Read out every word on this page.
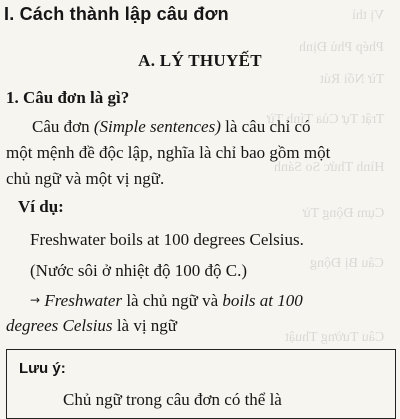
Vị thì
Phép Phủ Định
Từ Nối Rút
Trật Tự Của Tính Từ
Hình Thức So Sánh
Cụm Động Từ
Câu Bị Động
Câu Tường Thuật
I. Cách thành lập câu đơn
A. LÝ THUYẾT
1. Câu đơn là gì?
Câu đơn (Simple sentences) là câu chỉ có
một mệnh đề độc lập, nghĩa là chỉ bao gồm một
chủ ngữ và một vị ngữ.
Ví dụ:
Freshwater boils at 100 degrees Celsius.
(Nước sôi ở nhiệt độ 100 độ C.)
→ Freshwater là chủ ngữ và boils at 100
degrees Celsius là vị ngữ
Lưu ý:
Chủ ngữ trong câu đơn có thể là
